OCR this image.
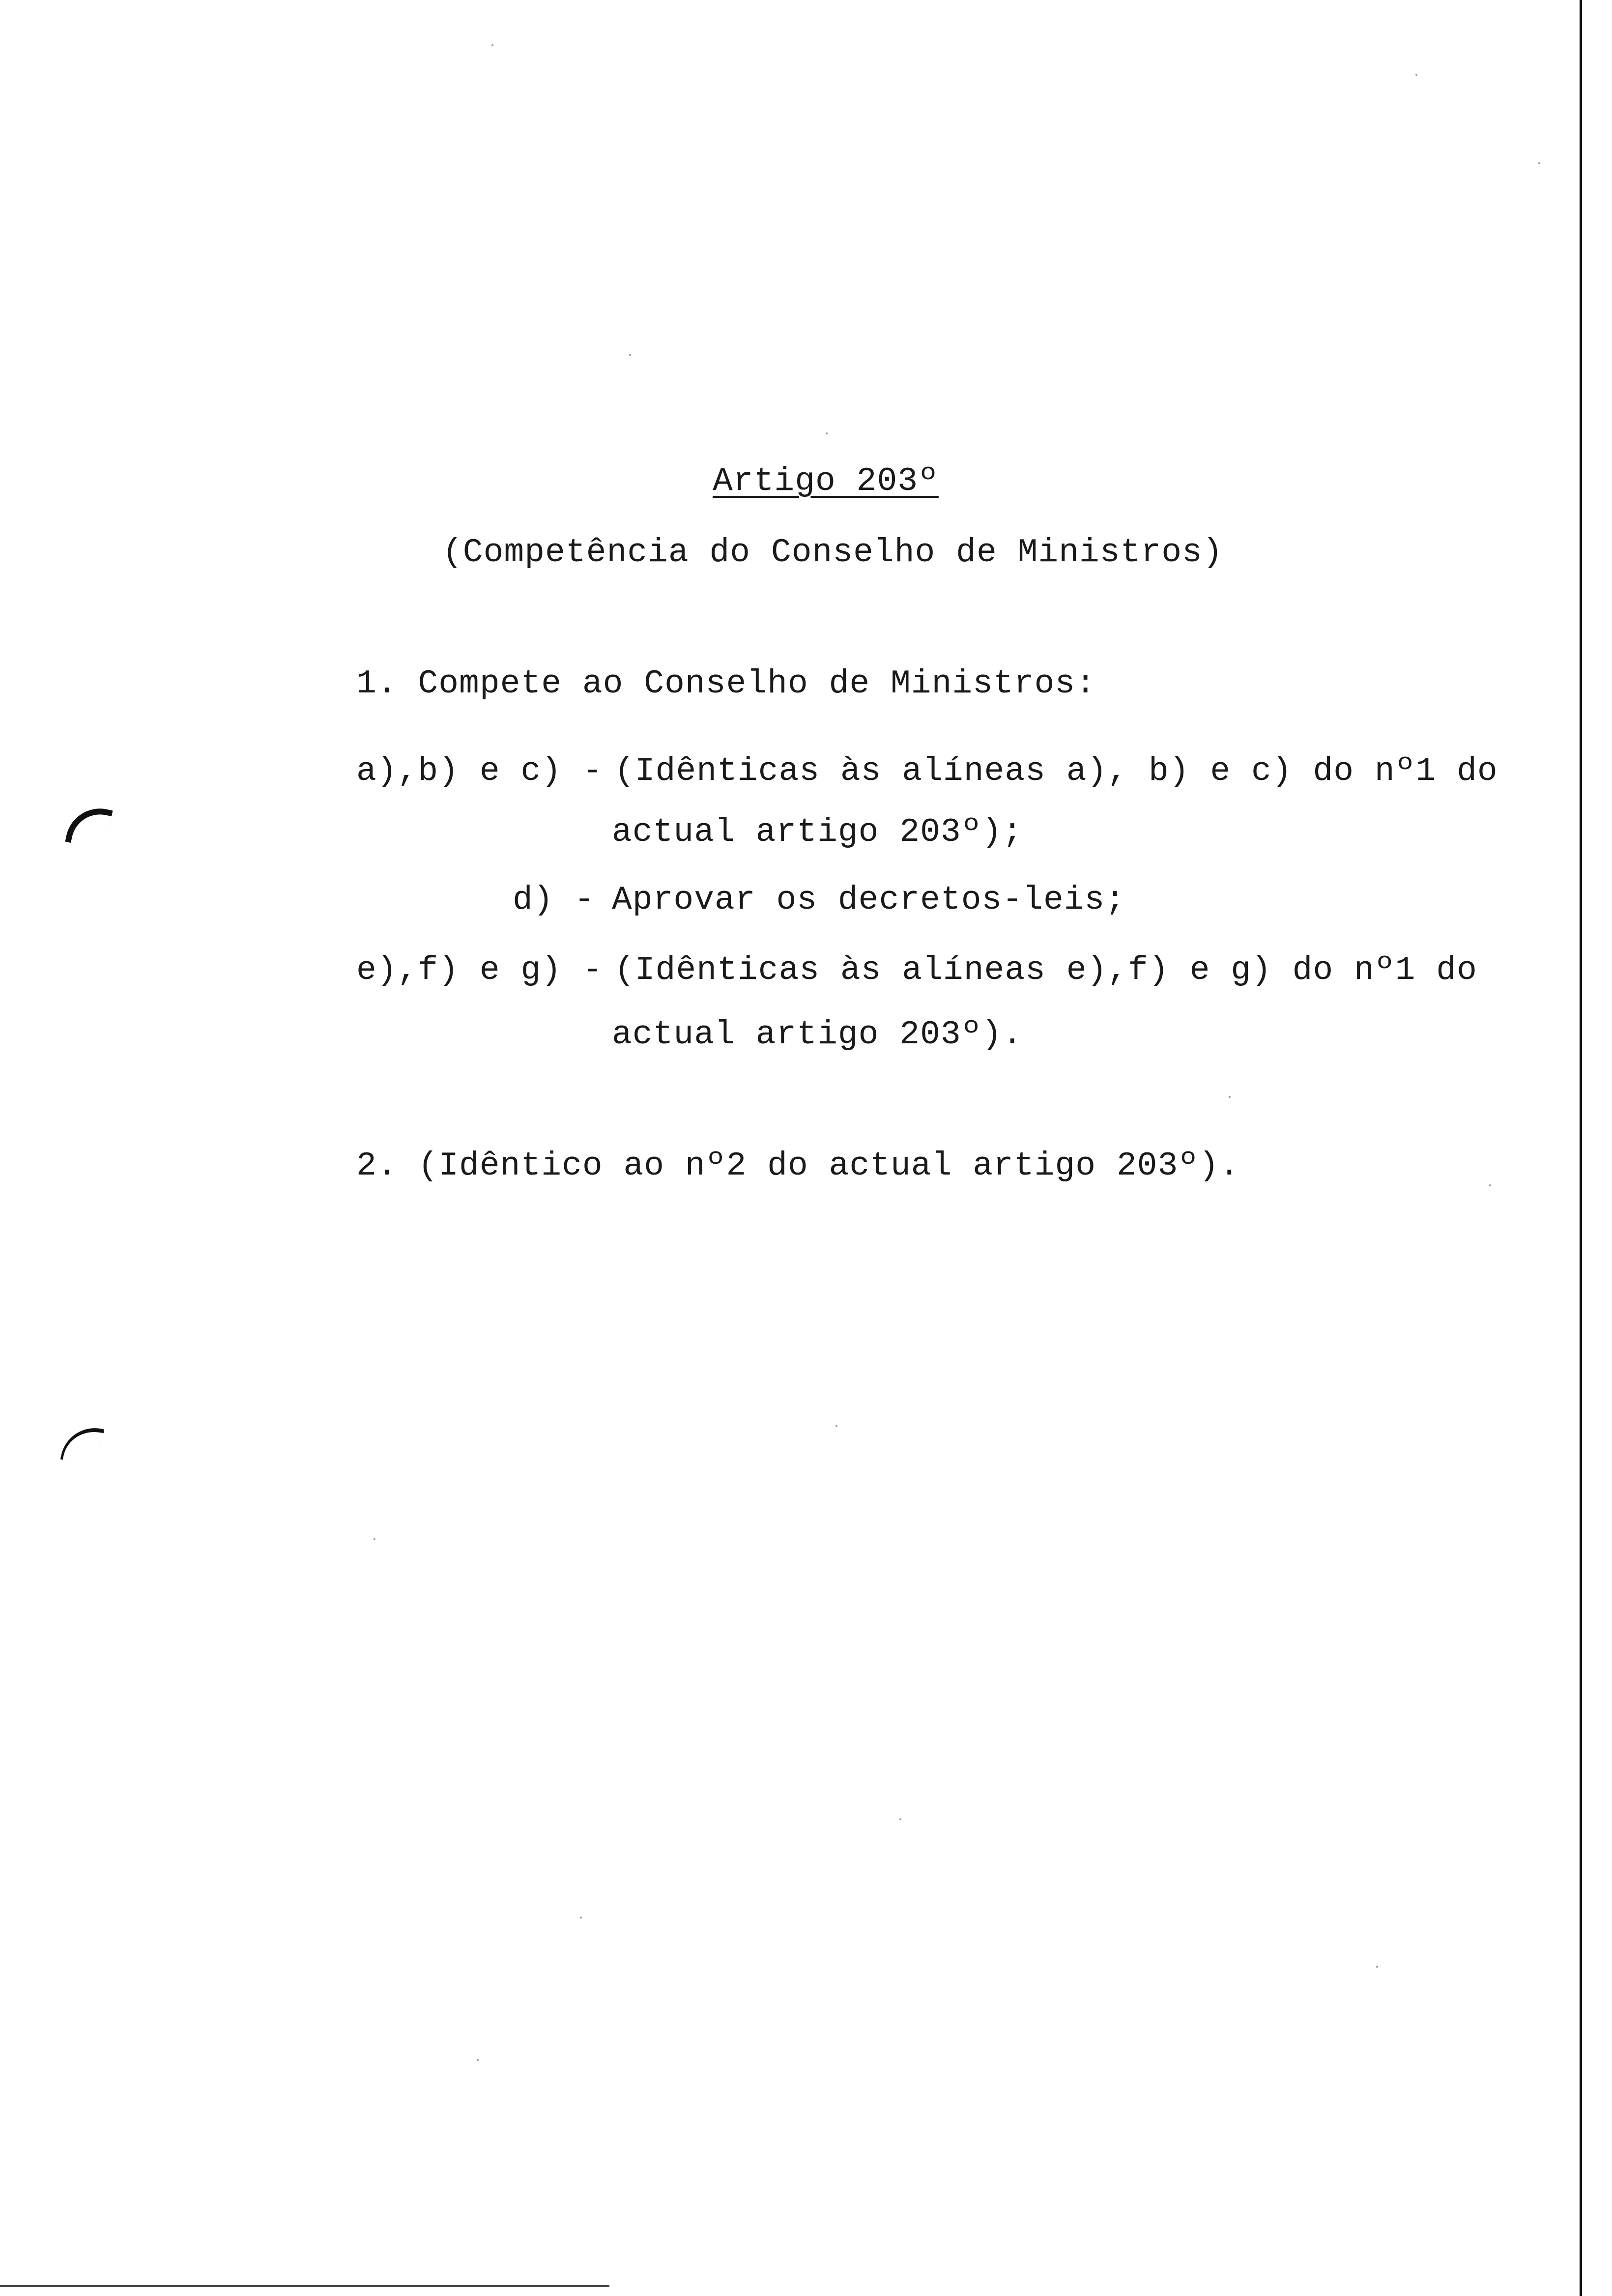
Artigo 203º
(Competência do Conselho de Ministros)
1. Compete ao Conselho de Ministros:
a),b) e c) - (Idênticas às alíneas a), b) e c) do nº1 do
actual artigo 203º);
d) - Aprovar os decretos-leis;
e),f) e g) - (Idênticas às alíneas e),f) e g) do nº1 do
actual artigo 203º).
2. (Idêntico ao nº2 do actual artigo 203º).
